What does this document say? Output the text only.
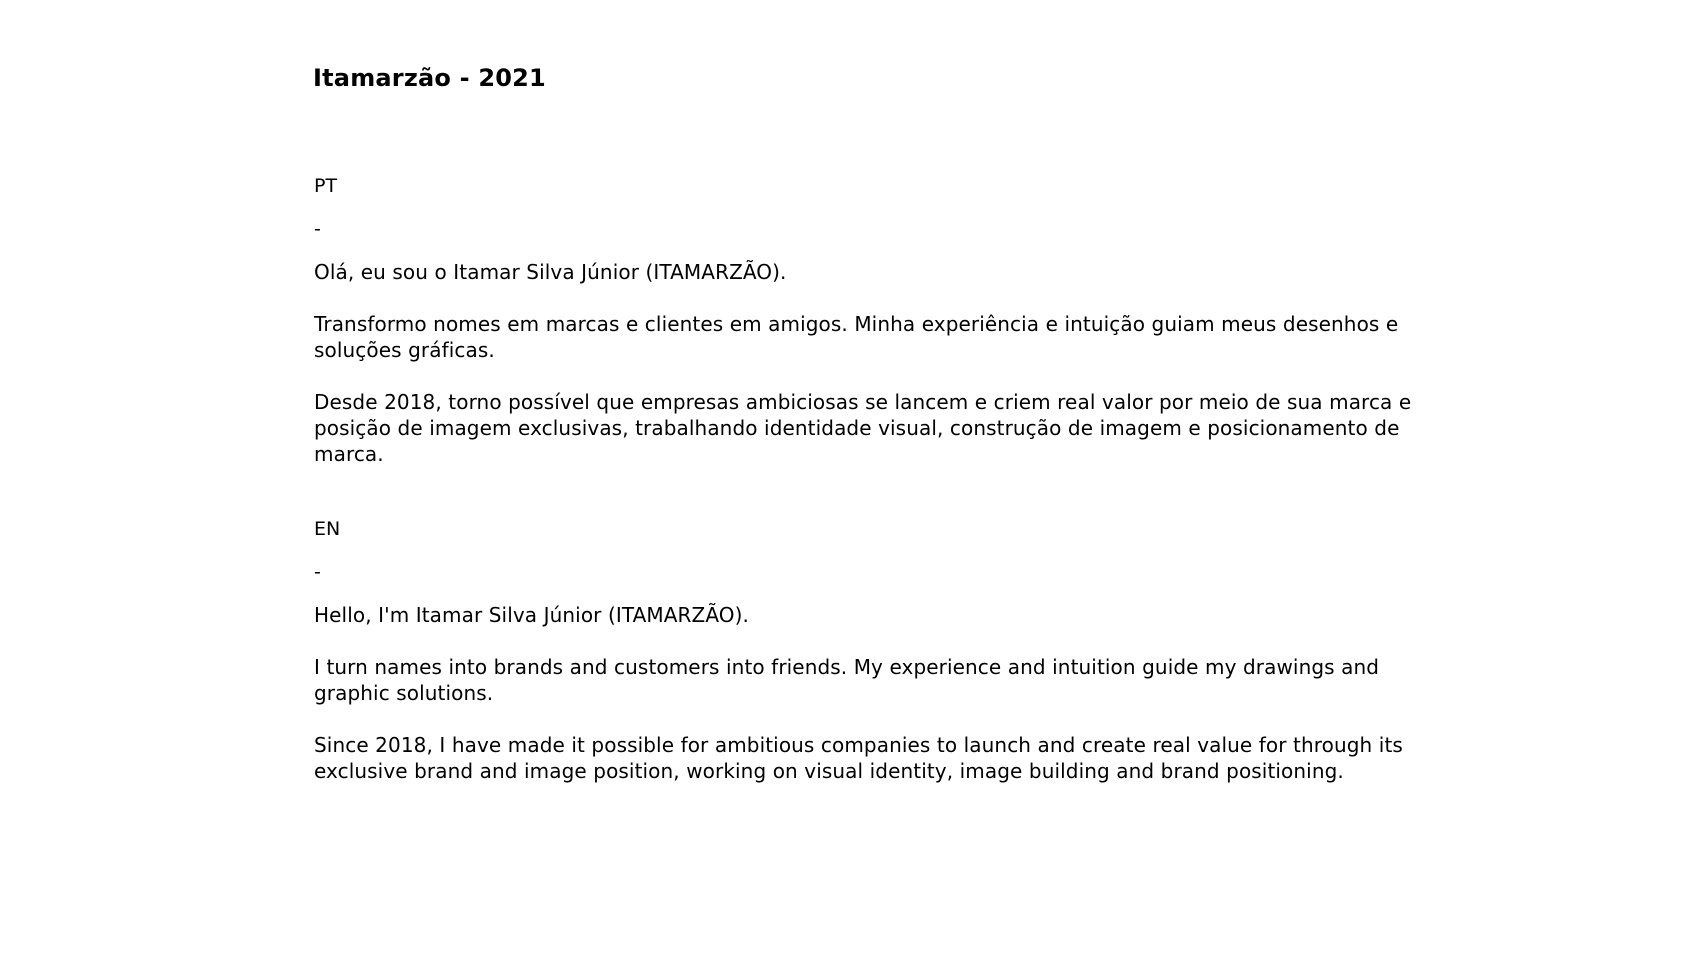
Itamarzão - 2021

PT

-

Olá, eu sou o Itamar Silva Júnior (ITAMARZÃO).

Transformo nomes em marcas e clientes em amigos. Minha experiência e intuição guiam meus desenhos e soluções gráficas.

Desde 2018, torno possível que empresas ambiciosas se lancem e criem real valor por meio de sua marca e posição de imagem exclusivas, trabalhando identidade visual, construção de imagem e posicionamento de marca.

EN

-

Hello, I'm Itamar Silva Júnior (ITAMARZÃO).

I turn names into brands and customers into friends. My experience and intuition guide my drawings and graphic solutions.

Since 2018, I have made it possible for ambitious companies to launch and create real value for through its exclusive brand and image position, working on visual identity, image building and brand positioning.
